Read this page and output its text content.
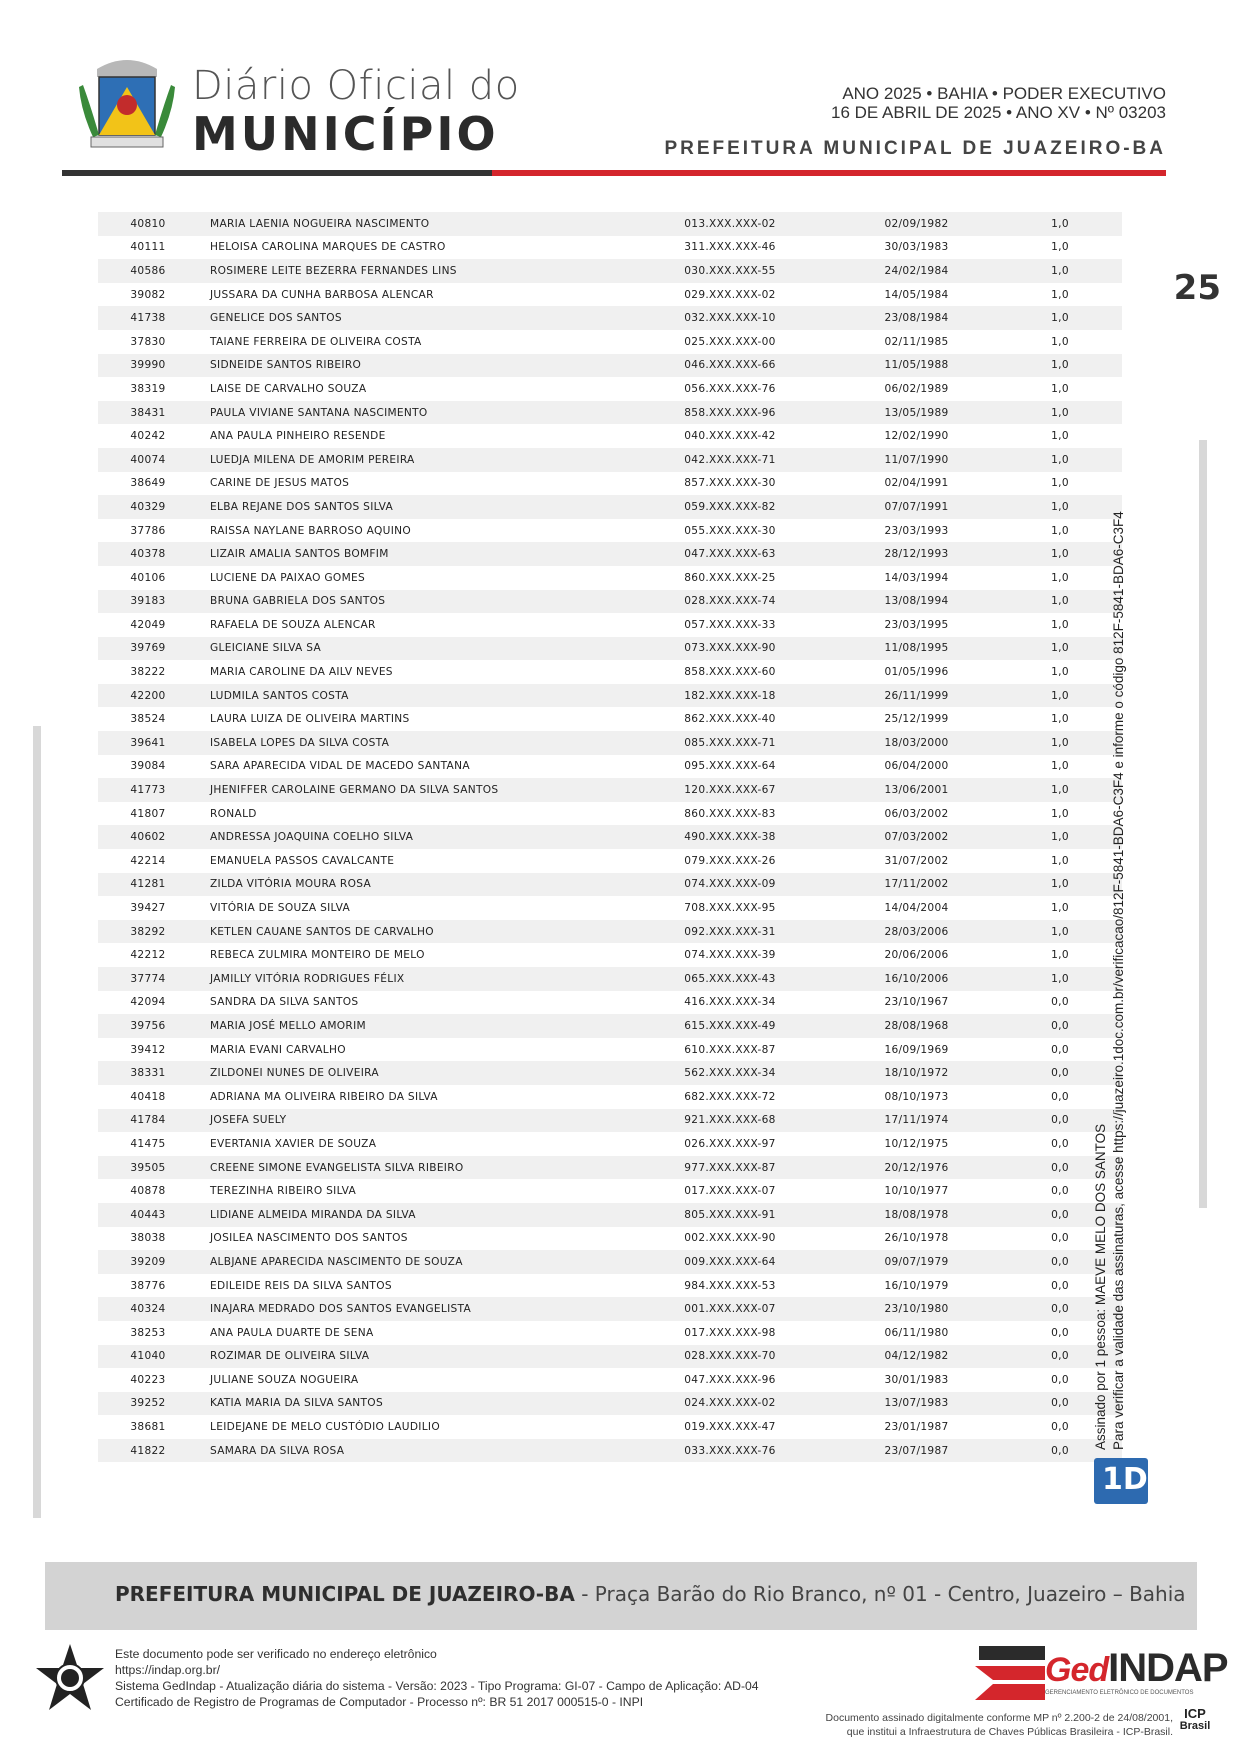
Diário Oficial do
MUNICÍPIO
ANO 2025 • BAHIA • PODER EXECUTIVO
16 DE ABRIL DE 2025 • ANO XV • Nº 03203
PREFEITURA MUNICIPAL DE JUAZEIRO-BA
25
40810	MARIA LAENIA NOGUEIRA NASCIMENTO	013.XXX.XXX-02	02/09/1982	1,0
40111	HELOISA CAROLINA MARQUES DE CASTRO	311.XXX.XXX-46	30/03/1983	1,0
40586	ROSIMERE LEITE BEZERRA FERNANDES LINS	030.XXX.XXX-55	24/02/1984	1,0
39082	JUSSARA DA CUNHA BARBOSA ALENCAR	029.XXX.XXX-02	14/05/1984	1,0
41738	GENELICE DOS SANTOS	032.XXX.XXX-10	23/08/1984	1,0
37830	TAIANE FERREIRA DE OLIVEIRA COSTA	025.XXX.XXX-00	02/11/1985	1,0
39990	SIDNEIDE SANTOS RIBEIRO	046.XXX.XXX-66	11/05/1988	1,0
38319	LAISE DE CARVALHO SOUZA	056.XXX.XXX-76	06/02/1989	1,0
38431	PAULA VIVIANE SANTANA NASCIMENTO	858.XXX.XXX-96	13/05/1989	1,0
40242	ANA PAULA PINHEIRO RESENDE	040.XXX.XXX-42	12/02/1990	1,0
40074	LUEDJA MILENA DE AMORIM PEREIRA	042.XXX.XXX-71	11/07/1990	1,0
38649	CARINE DE JESUS MATOS	857.XXX.XXX-30	02/04/1991	1,0
40329	ELBA REJANE DOS SANTOS SILVA	059.XXX.XXX-82	07/07/1991	1,0
37786	RAISSA NAYLANE BARROSO AQUINO	055.XXX.XXX-30	23/03/1993	1,0
40378	LIZAIR AMALIA SANTOS BOMFIM	047.XXX.XXX-63	28/12/1993	1,0
40106	LUCIENE DA PAIXAO GOMES	860.XXX.XXX-25	14/03/1994	1,0
39183	BRUNA GABRIELA DOS SANTOS	028.XXX.XXX-74	13/08/1994	1,0
42049	RAFAELA DE SOUZA ALENCAR	057.XXX.XXX-33	23/03/1995	1,0
39769	GLEICIANE SILVA SA	073.XXX.XXX-90	11/08/1995	1,0
38222	MARIA CAROLINE DA AILV NEVES	858.XXX.XXX-60	01/05/1996	1,0
42200	LUDMILA SANTOS COSTA	182.XXX.XXX-18	26/11/1999	1,0
38524	LAURA LUIZA DE OLIVEIRA MARTINS	862.XXX.XXX-40	25/12/1999	1,0
39641	ISABELA LOPES DA SILVA COSTA	085.XXX.XXX-71	18/03/2000	1,0
39084	SARA APARECIDA VIDAL DE MACEDO SANTANA	095.XXX.XXX-64	06/04/2000	1,0
41773	JHENIFFER CAROLAINE GERMANO DA SILVA SANTOS	120.XXX.XXX-67	13/06/2001	1,0
41807	RONALD	860.XXX.XXX-83	06/03/2002	1,0
40602	ANDRESSA JOAQUINA COELHO SILVA	490.XXX.XXX-38	07/03/2002	1,0
42214	EMANUELA PASSOS CAVALCANTE	079.XXX.XXX-26	31/07/2002	1,0
41281	ZILDA VITÓRIA MOURA ROSA	074.XXX.XXX-09	17/11/2002	1,0
39427	VITÓRIA DE SOUZA SILVA	708.XXX.XXX-95	14/04/2004	1,0
38292	KETLEN CAUANE SANTOS DE CARVALHO	092.XXX.XXX-31	28/03/2006	1,0
42212	REBECA ZULMIRA MONTEIRO DE MELO	074.XXX.XXX-39	20/06/2006	1,0
37774	JAMILLY VITÓRIA RODRIGUES FÉLIX	065.XXX.XXX-43	16/10/2006	1,0
42094	SANDRA DA SILVA SANTOS	416.XXX.XXX-34	23/10/1967	0,0
39756	MARIA JOSÉ MELLO AMORIM	615.XXX.XXX-49	28/08/1968	0,0
39412	MARIA EVANI CARVALHO	610.XXX.XXX-87	16/09/1969	0,0
38331	ZILDONEI NUNES DE OLIVEIRA	562.XXX.XXX-34	18/10/1972	0,0
40418	ADRIANA MA OLIVEIRA RIBEIRO DA SILVA	682.XXX.XXX-72	08/10/1973	0,0
41784	JOSEFA SUELY	921.XXX.XXX-68	17/11/1974	0,0
41475	EVERTANIA XAVIER DE SOUZA	026.XXX.XXX-97	10/12/1975	0,0
39505	CREENE SIMONE EVANGELISTA SILVA RIBEIRO	977.XXX.XXX-87	20/12/1976	0,0
40878	TEREZINHA RIBEIRO SILVA	017.XXX.XXX-07	10/10/1977	0,0
40443	LIDIANE ALMEIDA MIRANDA DA SILVA	805.XXX.XXX-91	18/08/1978	0,0
38038	JOSILEA NASCIMENTO DOS SANTOS	002.XXX.XXX-90	26/10/1978	0,0
39209	ALBJANE APARECIDA NASCIMENTO DE SOUZA	009.XXX.XXX-64	09/07/1979	0,0
38776	EDILEIDE REIS DA SILVA SANTOS	984.XXX.XXX-53	16/10/1979	0,0
40324	INAJARA MEDRADO DOS SANTOS EVANGELISTA	001.XXX.XXX-07	23/10/1980	0,0
38253	ANA PAULA DUARTE DE SENA	017.XXX.XXX-98	06/11/1980	0,0
41040	ROZIMAR DE OLIVEIRA SILVA	028.XXX.XXX-70	04/12/1982	0,0
40223	JULIANE SOUZA NOGUEIRA	047.XXX.XXX-96	30/01/1983	0,0
39252	KATIA MARIA DA SILVA SANTOS	024.XXX.XXX-02	13/07/1983	0,0
38681	LEIDEJANE DE MELO CUSTÓDIO LAUDILIO	019.XXX.XXX-47	23/01/1987	0,0
41822	SAMARA DA SILVA ROSA	033.XXX.XXX-76	23/07/1987	0,0
Assinado por 1 pessoa: MAEVE MELO DOS SANTOS Para verificar a validade das assinaturas, acesse https://juazeiro.1doc.com.br/verificacao/812F-5841-BDA6-C3F4 e informe o código 812F-5841-BDA6-C3F4
1D
PREFEITURA MUNICIPAL DE JUAZEIRO-BA - Praça Barão do Rio Branco, nº 01 - Centro, Juazeiro – Bahia
Este documento pode ser verificado no endereço eletrônico
https://indap.org.br/
Sistema GedIndap - Atualização diária do sistema - Versão: 2023 - Tipo Programa: GI-07 - Campo de Aplicação: AD-04
Certificado de Registro de Programas de Computador - Processo nº: BR 51 2017 000515-0 - INPI
GedINDAP
GERENCIAMENTO ELETRÔNICO DE DOCUMENTOS
Documento assinado digitalmente conforme MP nº 2.200-2 de 24/08/2001,
que institui a Infraestrutura de Chaves Públicas Brasileira - ICP-Brasil.
ICP
Brasil
